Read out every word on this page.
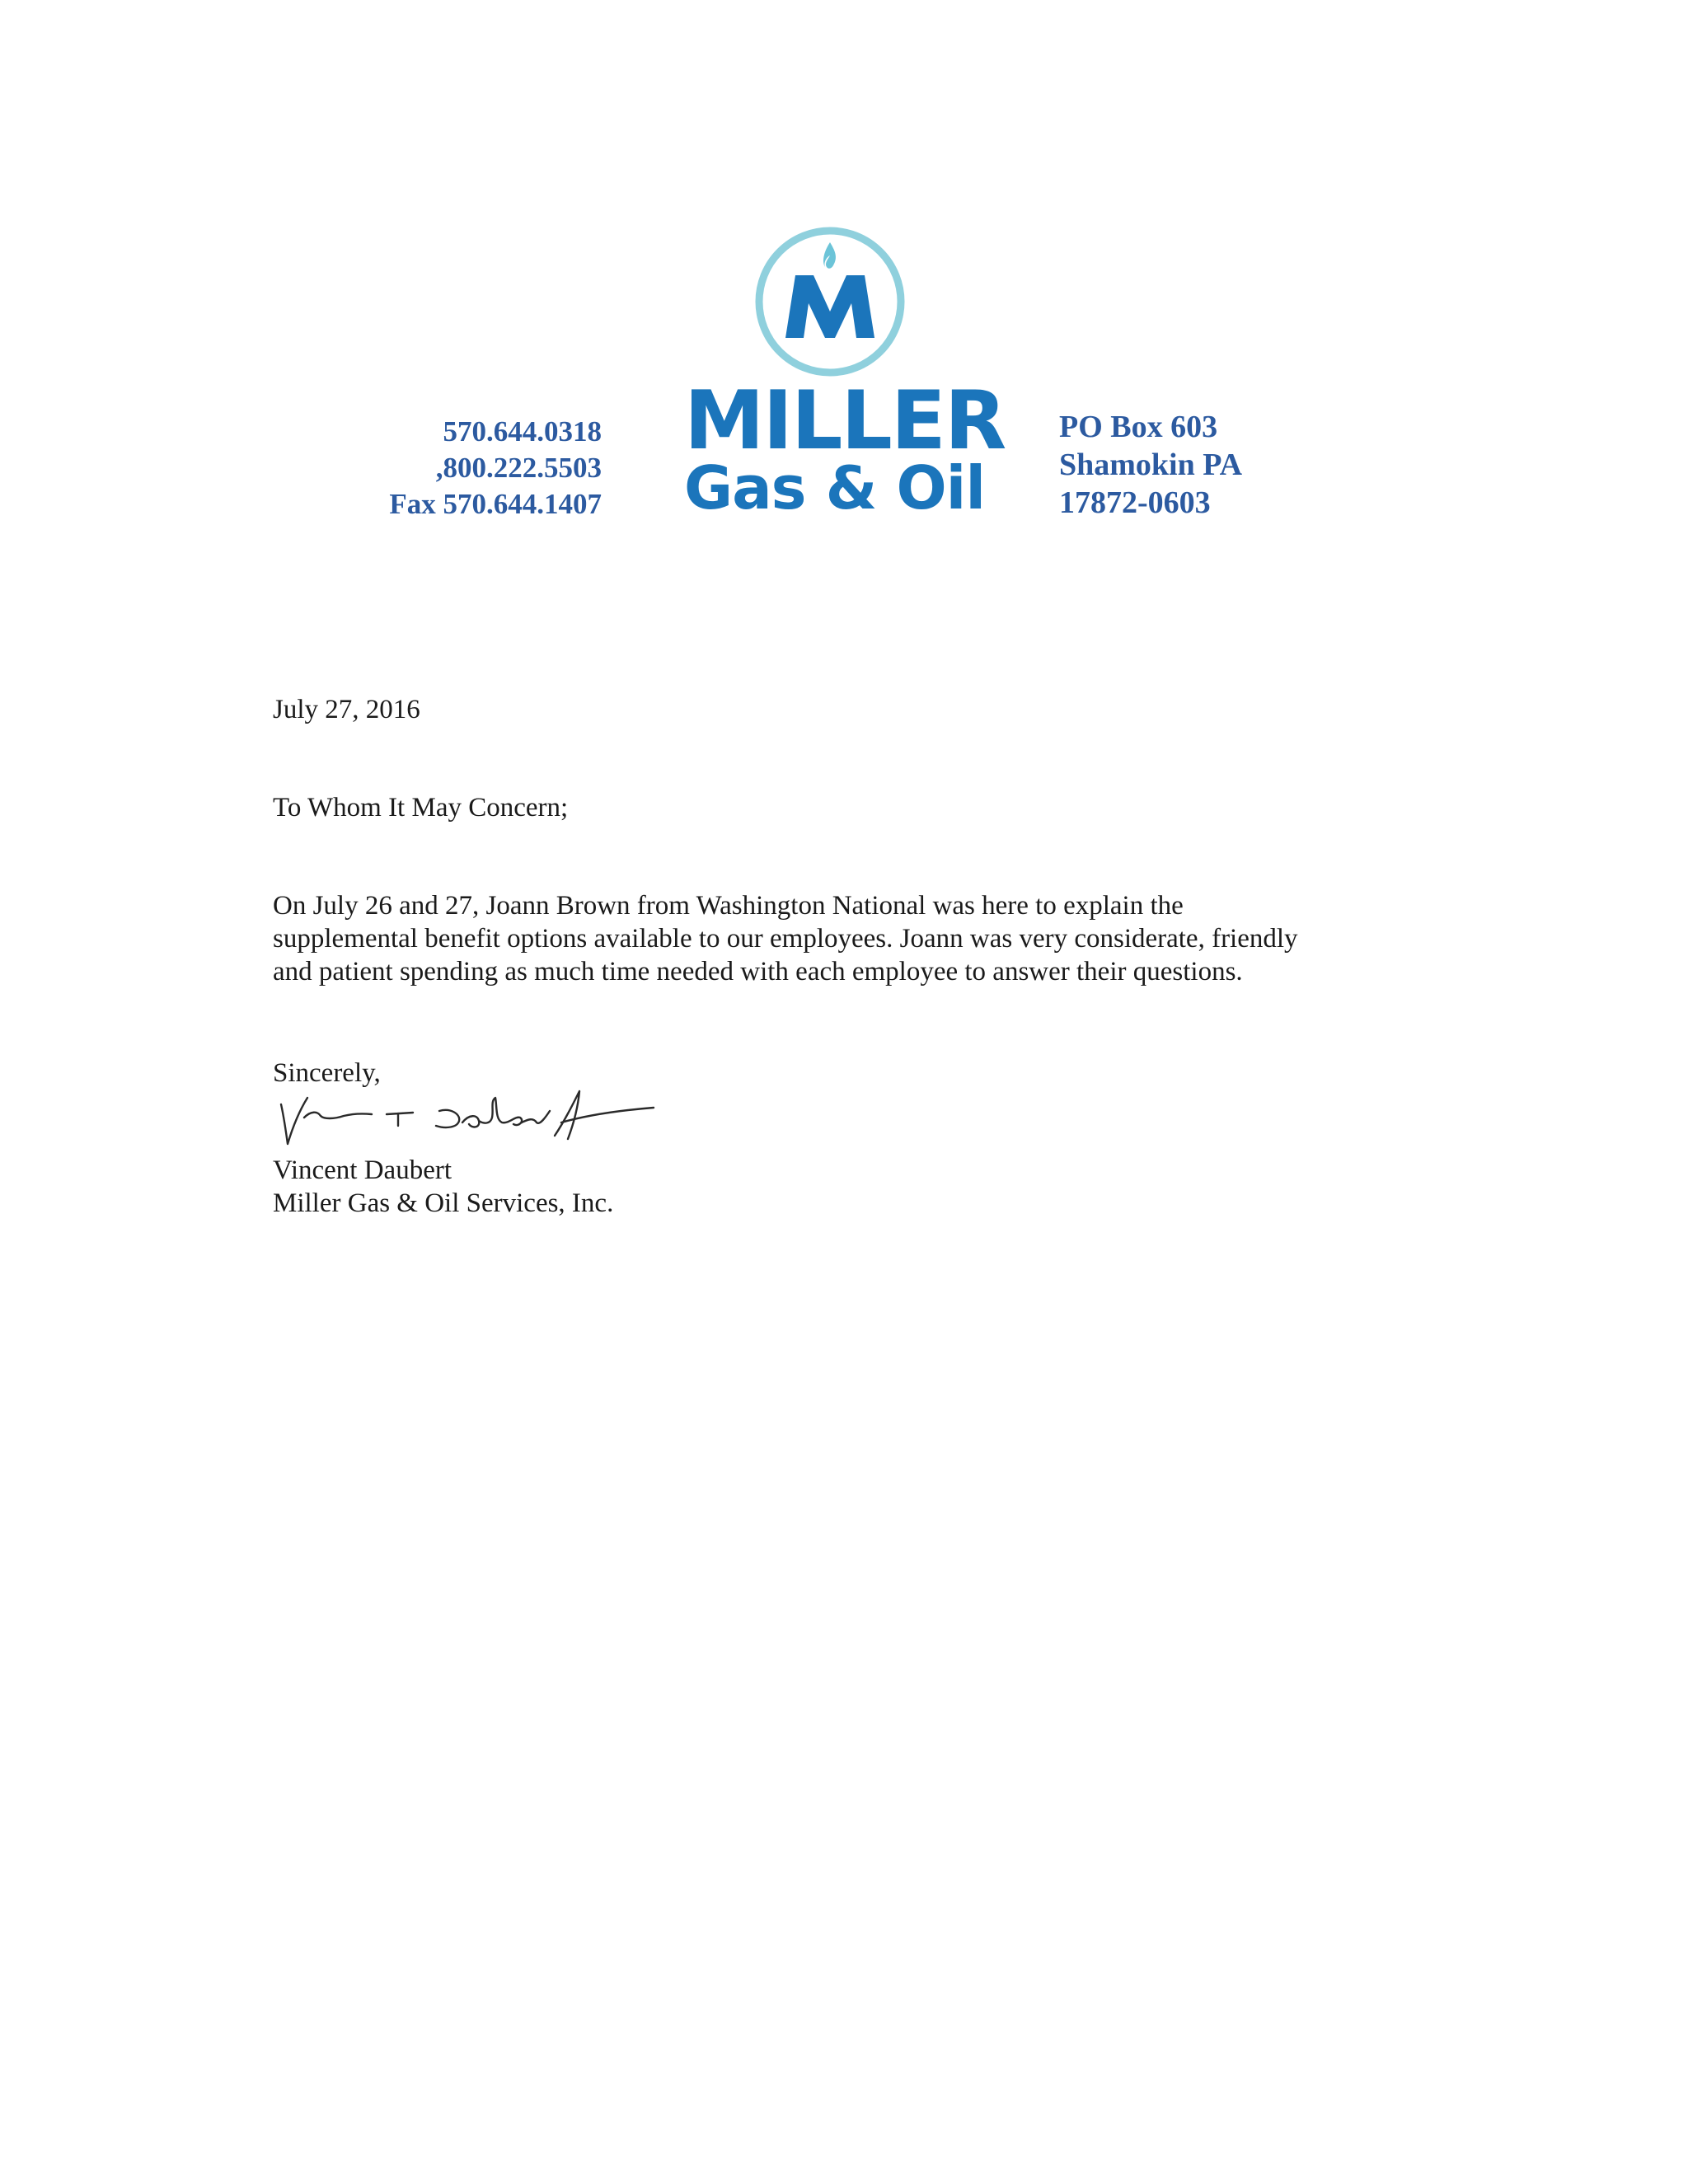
570.644.0318
,800.222.5503
Fax 570.644.1407
M
MILLER
Gas & Oil
PO Box 603
Shamokin PA
17872-0603
July 27, 2016
To Whom It May Concern;
On July 26 and 27, Joann Brown from Washington National was here to explain the
supplemental benefit options available to our employees. Joann was very considerate, friendly
and patient spending as much time needed with each employee to answer their questions.
Sincerely,
Vincent Daubert
Miller Gas & Oil Services, Inc.
